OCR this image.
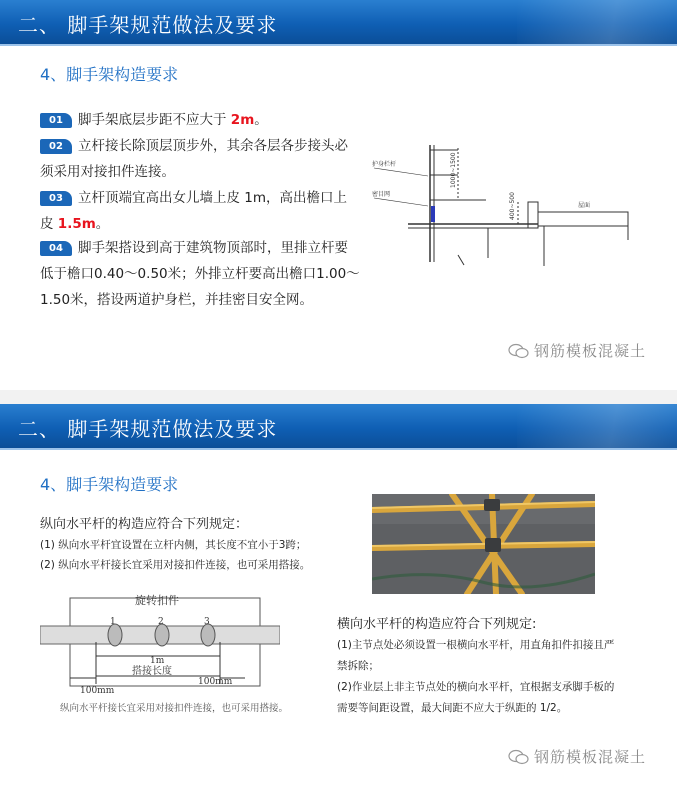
二、 脚手架规范做法及要求
4、脚手架构造要求
01 脚手架底层步距不应大于 2m。
02 立杆接长除顶层顶步外，其余各层各步接头必须采用对接扣件连接。
03 立杆顶端宜高出女儿墙上皮 1m，高出檐口上皮 1.5m。
04 脚手架搭设到高于建筑物顶部时，里排立杆要低于檐口0.40～0.50米；外排立杆要高出檐口1.00～1.50米，搭设两道护身栏，并挂密目安全网。
护身栏杆
密目网
1000~1500
400~500	屋面
钢筋模板混凝土
二、 脚手架规范做法及要求
4、脚手架构造要求
纵向水平杆的构造应符合下列规定：
(1) 纵向水平杆宜设置在立杆内侧，其长度不宜小于3跨；
(2) 纵向水平杆接长宜采用对接扣件连接，也可采用搭接。
旋转扣件
1	2	3
1m
搭接长度
100mm
100mm
纵向水平杆接长宜采用对接扣件连接，也可采用搭接。
横向水平杆的构造应符合下列规定:
(1)主节点处必须设置一根横向水平杆，用直角扣件扣接且严禁拆除；
(2)作业层上非主节点处的横向水平杆，宜根据支承脚手板的需要等间距设置，最大间距不应大于纵距的 1/2。
钢筋模板混凝土
